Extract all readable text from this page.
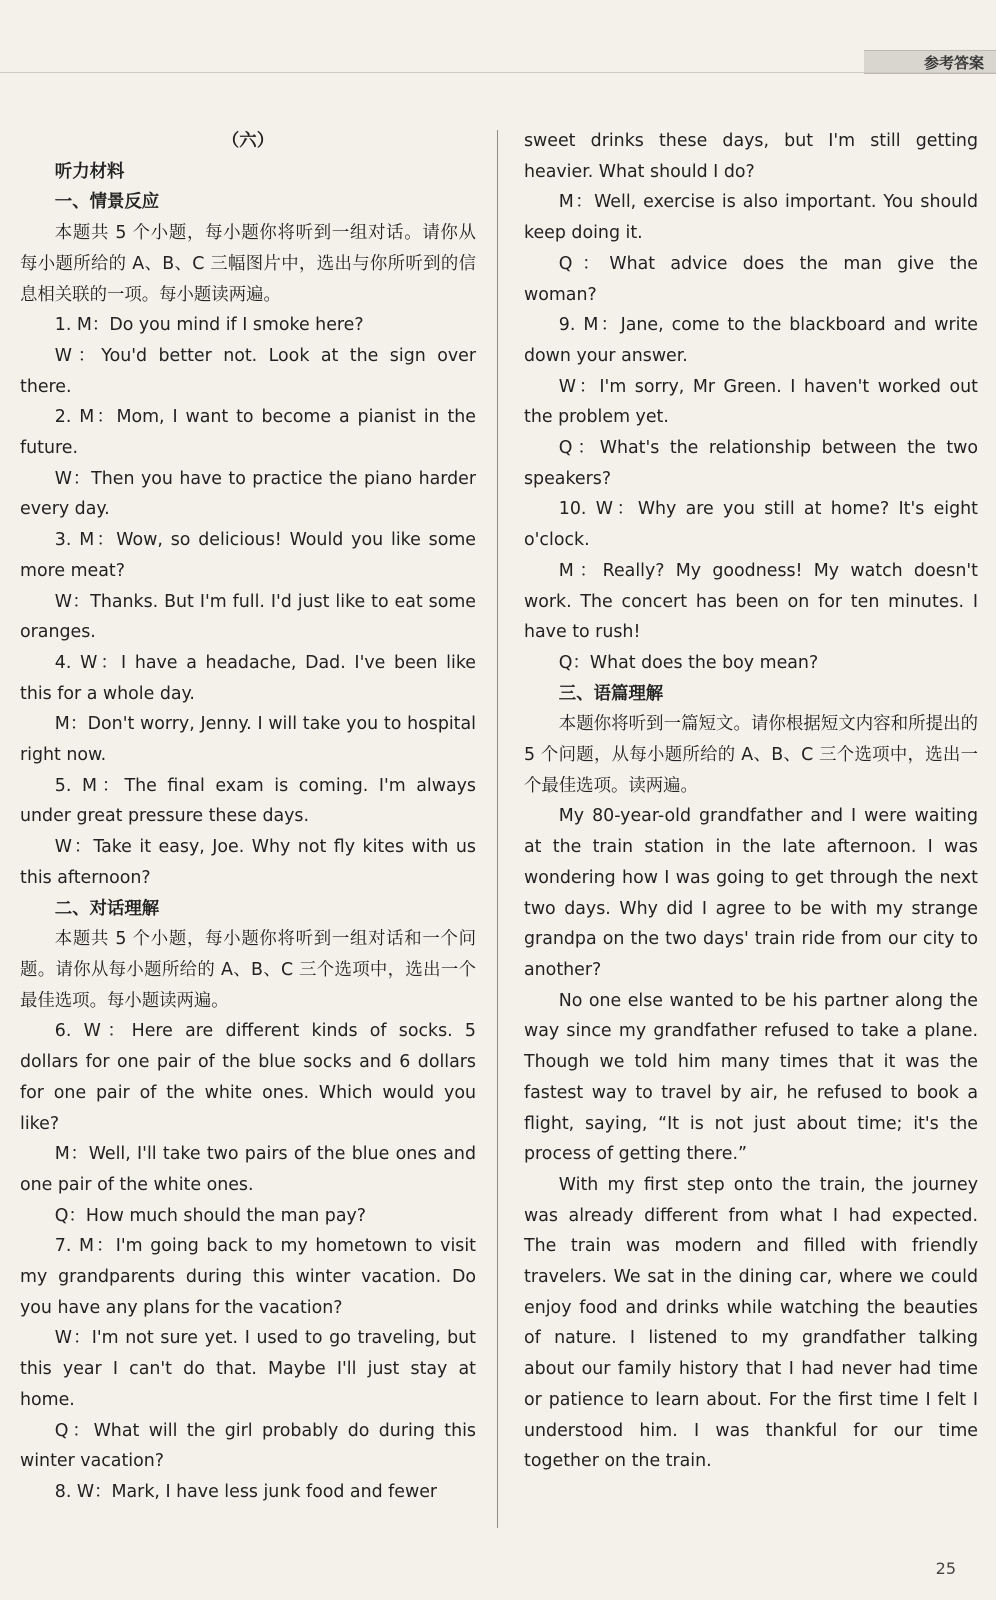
参考答案

（六）

听力材料

一、情景反应

本题共 5 个小题，每小题你将听到一组对话。请你从每小题所给的 A、B、C 三幅图片中，选出与你所听到的信息相关联的一项。每小题读两遍。

1. M：Do you mind if I smoke here?

W：You'd better not. Look at the sign over there.

2. M：Mom, I want to become a pianist in the future.

W：Then you have to practice the piano harder every day.

3. M：Wow, so delicious! Would you like some more meat?

W：Thanks. But I'm full. I'd just like to eat some oranges.

4. W：I have a headache, Dad. I've been like this for a whole day.

M：Don't worry, Jenny. I will take you to hospital right now.

5. M：The final exam is coming. I'm always under great pressure these days.

W：Take it easy, Joe. Why not fly kites with us this afternoon?

二、对话理解

本题共 5 个小题，每小题你将听到一组对话和一个问题。请你从每小题所给的 A、B、C 三个选项中，选出一个最佳选项。每小题读两遍。

6. W：Here are different kinds of socks. 5 dollars for one pair of the blue socks and 6 dollars for one pair of the white ones. Which would you like?

M：Well, I'll take two pairs of the blue ones and one pair of the white ones.

Q：How much should the man pay?

7. M：I'm going back to my hometown to visit my grandparents during this winter vacation. Do you have any plans for the vacation?

W：I'm not sure yet. I used to go traveling, but this year I can't do that. Maybe I'll just stay at home.

Q：What will the girl probably do during this winter vacation?

8. W：Mark, I have less junk food and fewer

sweet drinks these days, but I'm still getting heavier. What should I do?

M：Well, exercise is also important. You should keep doing it.

Q：What advice does the man give the woman?

9. M：Jane, come to the blackboard and write down your answer.

W：I'm sorry, Mr Green. I haven't worked out the problem yet.

Q：What's the relationship between the two speakers?

10. W：Why are you still at home? It's eight o'clock.

M：Really? My goodness! My watch doesn't work. The concert has been on for ten minutes. I have to rush!

Q：What does the boy mean?

三、语篇理解

本题你将听到一篇短文。请你根据短文内容和所提出的 5 个问题，从每小题所给的 A、B、C 三个选项中，选出一个最佳选项。读两遍。

My 80-year-old grandfather and I were waiting at the train station in the late afternoon. I was wondering how I was going to get through the next two days. Why did I agree to be with my strange grandpa on the two days' train ride from our city to another?

No one else wanted to be his partner along the way since my grandfather refused to take a plane. Though we told him many times that it was the fastest way to travel by air, he refused to book a flight, saying, “It is not just about time; it's the process of getting there.”

With my first step onto the train, the journey was already different from what I had expected. The train was modern and filled with friendly travelers. We sat in the dining car, where we could enjoy food and drinks while watching the beauties of nature. I listened to my grandfather talking about our family history that I had never had time or patience to learn about. For the first time I felt I understood him. I was thankful for our time together on the train.

25
